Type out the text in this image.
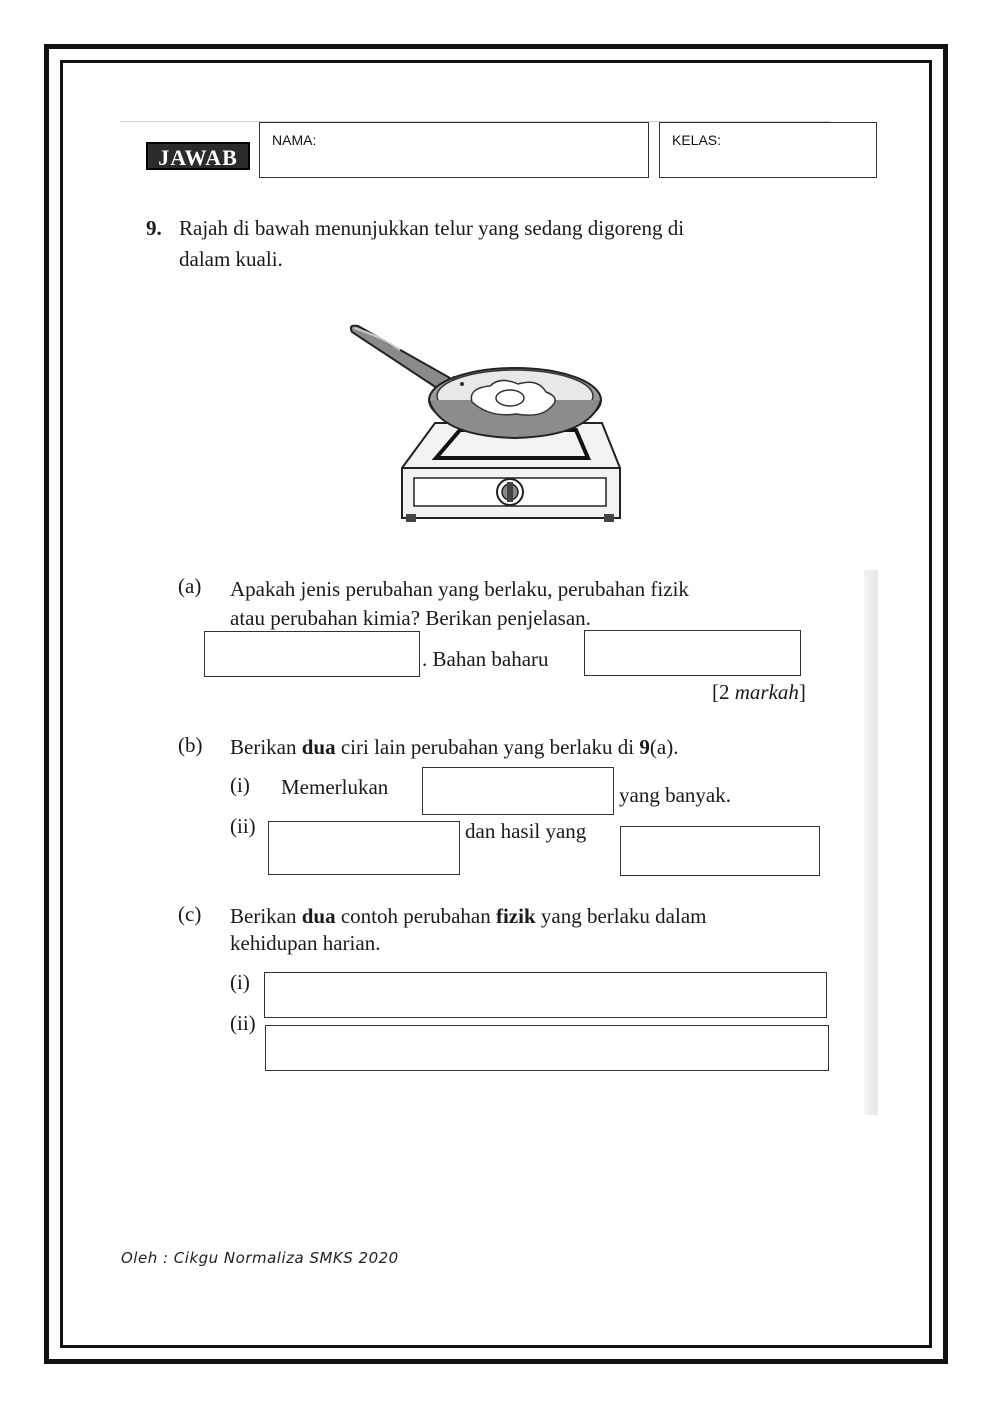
JAWAB
NAMA:	KELAS:
9. Rajah di bawah menunjukkan telur yang sedang digoreng di
dalam kuali.
(a) Apakah jenis perubahan yang berlaku, perubahan fizik
atau perubahan kimia? Berikan penjelasan.
. Bahan baharu
[2 markah]
(b) Berikan dua ciri lain perubahan yang berlaku di 9(a).
(i) Memerlukan	yang banyak.
(ii)	dan hasil yang
(c) Berikan dua contoh perubahan fizik yang berlaku dalam
kehidupan harian.
(i)
(ii)
Oleh : Cikgu Normaliza SMKS 2020
